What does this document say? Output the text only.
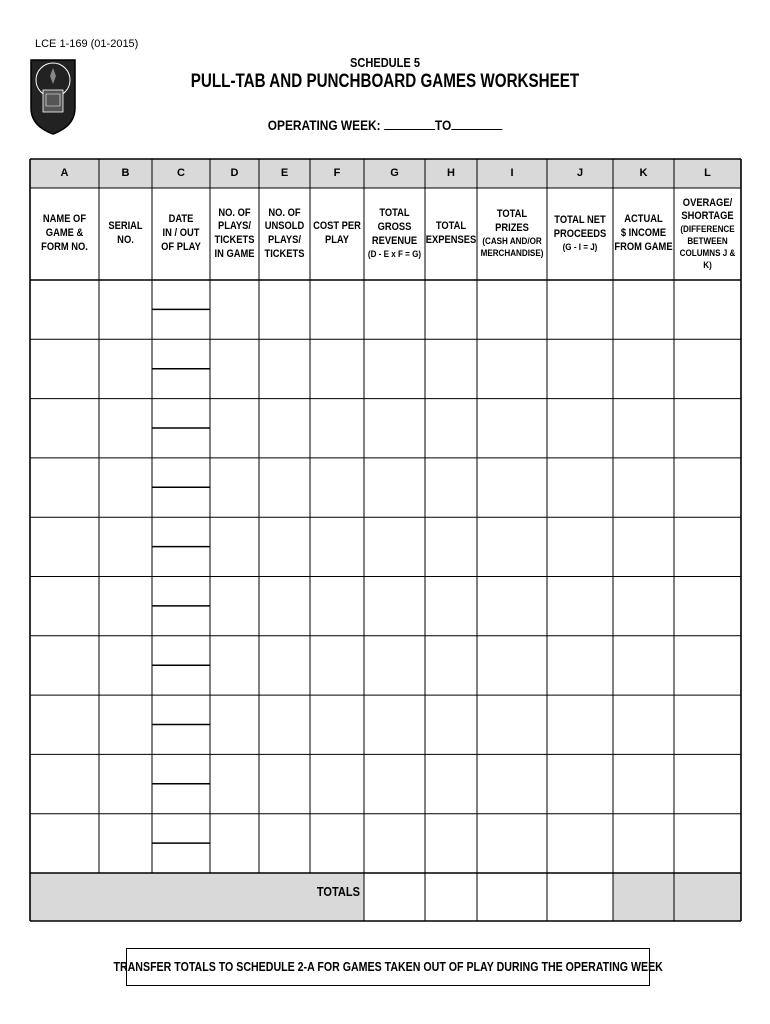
LCE 1-169 (01-2015)
SCHEDULE 5
PULL-TAB AND PUNCHBOARD GAMES WORKSHEET
OPERATING WEEK:	TO
A
NAME OF
GAME &
FORM NO.
B
SERIAL
NO.
C
DATE
IN / OUT
OF PLAY
D
NO. OF
PLAYS/
TICKETS
IN GAME
E
NO. OF
UNSOLD
PLAYS/
TICKETS
F
COST PER
PLAY
G
TOTAL
GROSS
REVENUE
(D - E x F = G)
H
TOTAL
EXPENSES
I
TOTAL PRIZES
(CASH AND/OR
MERCHANDISE)
J
TOTAL NET
PROCEEDS
(G - I = J)
K
ACTUAL
$ INCOME
FROM GAME
L
OVERAGE/
SHORTAGE
(DIFFERENCE
BETWEEN
COLUMNS J & K)
TOTALS
TRANSFER TOTALS TO SCHEDULE 2-A FOR GAMES TAKEN OUT OF PLAY DURING THE OPERATING WEEK
